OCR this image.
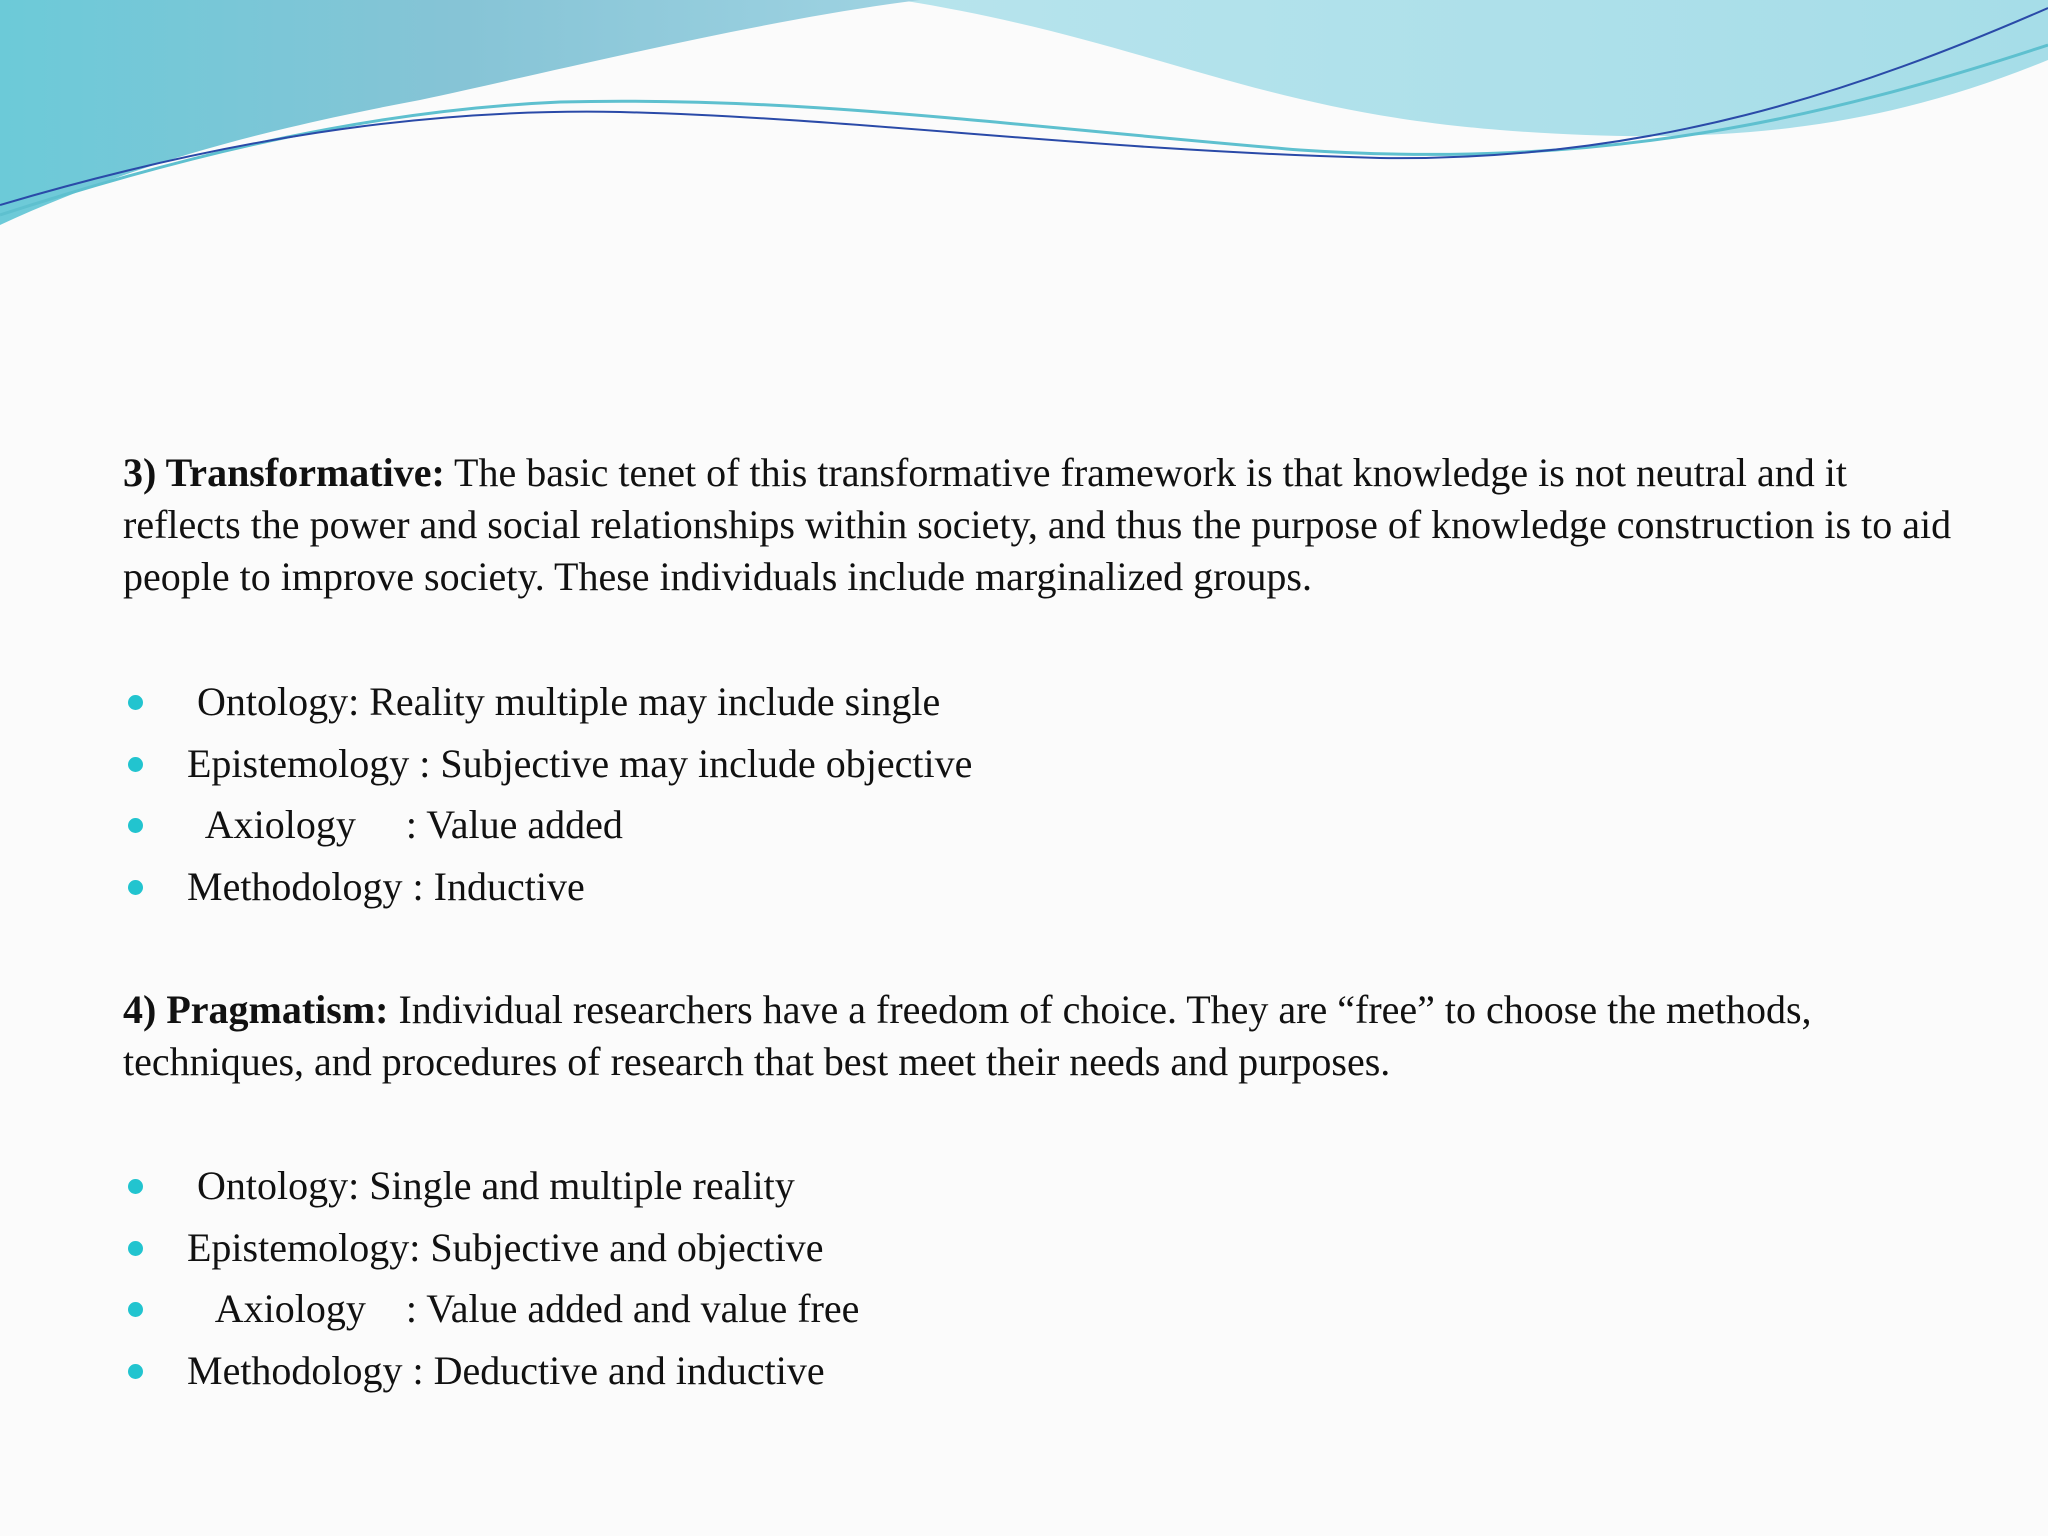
3) Transformative: The basic tenet of this transformative framework is that knowledge is not neutral and it reflects the power and social relationships within society, and thus the purpose of knowledge construction is to aid people to improve society. These individuals include marginalized groups.

Ontology: Reality multiple may include single
Epistemology : Subjective may include objective
Axiology     : Value added
Methodology : Inductive

4) Pragmatism: Individual researchers have a freedom of choice. They are “free” to choose the methods, techniques, and procedures of research that best meet their needs and purposes.

Ontology: Single and multiple reality
Epistemology: Subjective and objective
Axiology    : Value added and value free
Methodology : Deductive and inductive
